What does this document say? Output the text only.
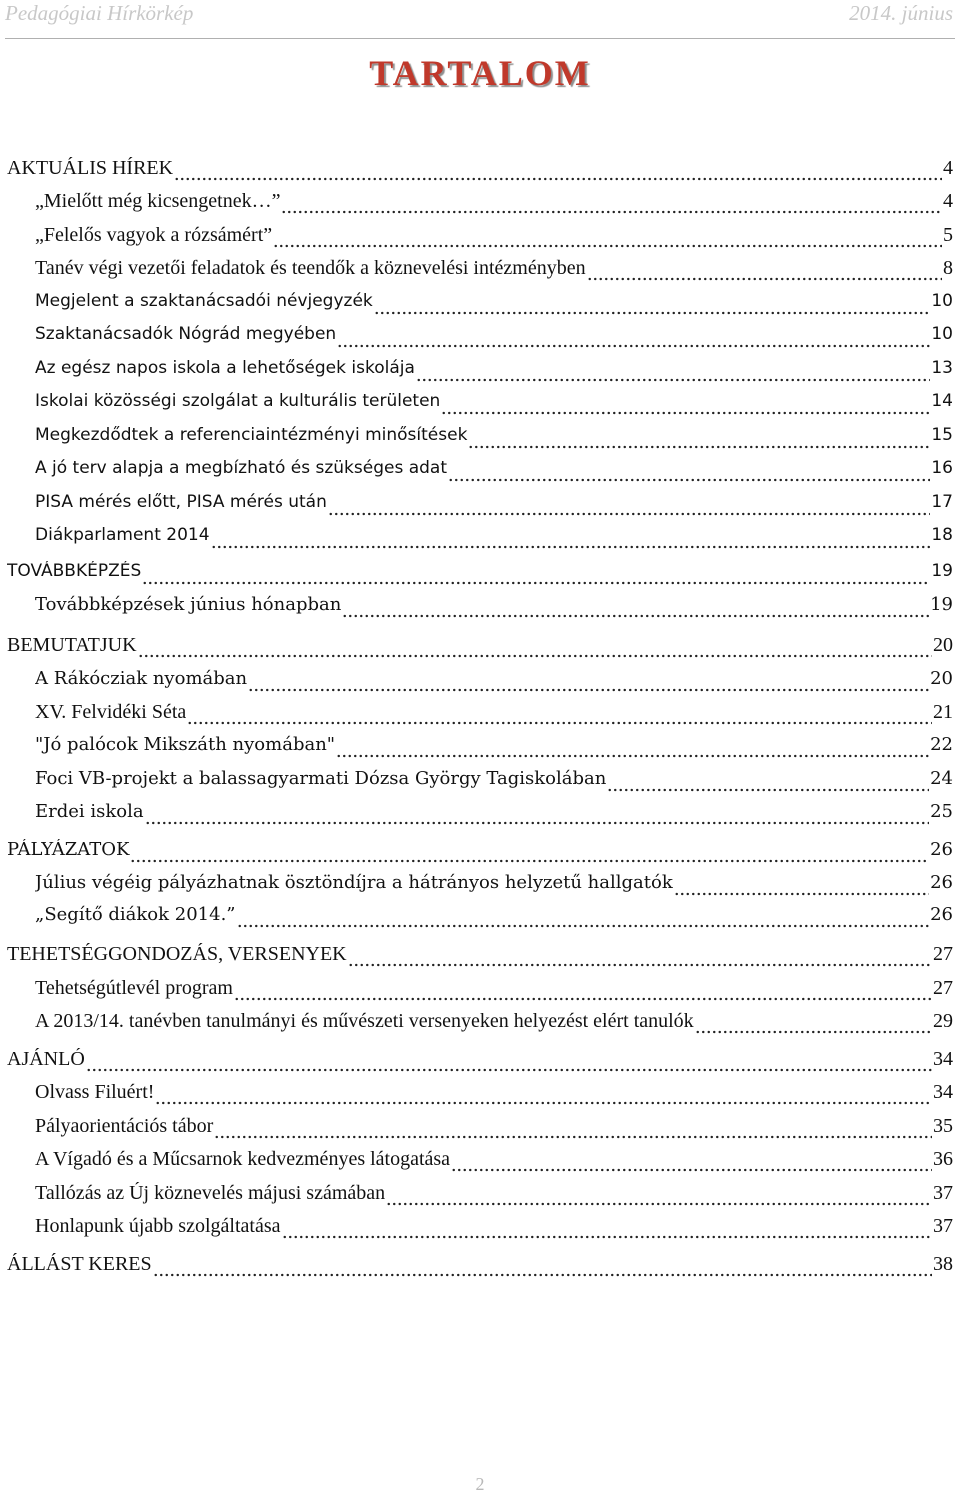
Pedagógiai Hírkörkép	2014. június
TARTALOM
AKTUÁLIS HÍREK	4
„Mielőtt még kicsengetnek…”	4
„Felelős vagyok a rózsámért”	5
Tanév végi vezetői feladatok és teendők a köznevelési intézményben	8
Megjelent a szaktanácsadói névjegyzék	10
Szaktanácsadók Nógrád megyében	10
Az egész napos iskola a lehetőségek iskolája	13
Iskolai közösségi szolgálat a kulturális területen	14
Megkezdődtek a referenciaintézményi minősítések	15
A jó terv alapja a megbízható és szükséges adat	16
PISA mérés előtt, PISA mérés után	17
Diákparlament 2014	18
TOVÁBBKÉPZÉS	19
Továbbképzések június hónapban	19
BEMUTATJUK	20
A Rákócziak nyomában	20
XV. Felvidéki Séta	21
"Jó palócok Mikszáth nyomában"	22
Foci VB-projekt a balassagyarmati Dózsa György Tagiskolában	24
Erdei iskola	25
PÁLYÁZATOK	26
Július végéig pályázhatnak ösztöndíjra a hátrányos helyzetű hallgatók	26
„Segítő diákok 2014.”	26
TEHETSÉGGONDOZÁS, VERSENYEK	27
Tehetségútlevél program	27
A 2013/14. tanévben tanulmányi és művészeti versenyeken helyezést elért tanulók	29
AJÁNLÓ	34
Olvass Filuért!	34
Pályaorientációs tábor	35
A Vígadó és a Műcsarnok kedvezményes látogatása	36
Tallózás az Új köznevelés májusi számában	37
Honlapunk újabb szolgáltatása	37
ÁLLÁST KERES	38
2
